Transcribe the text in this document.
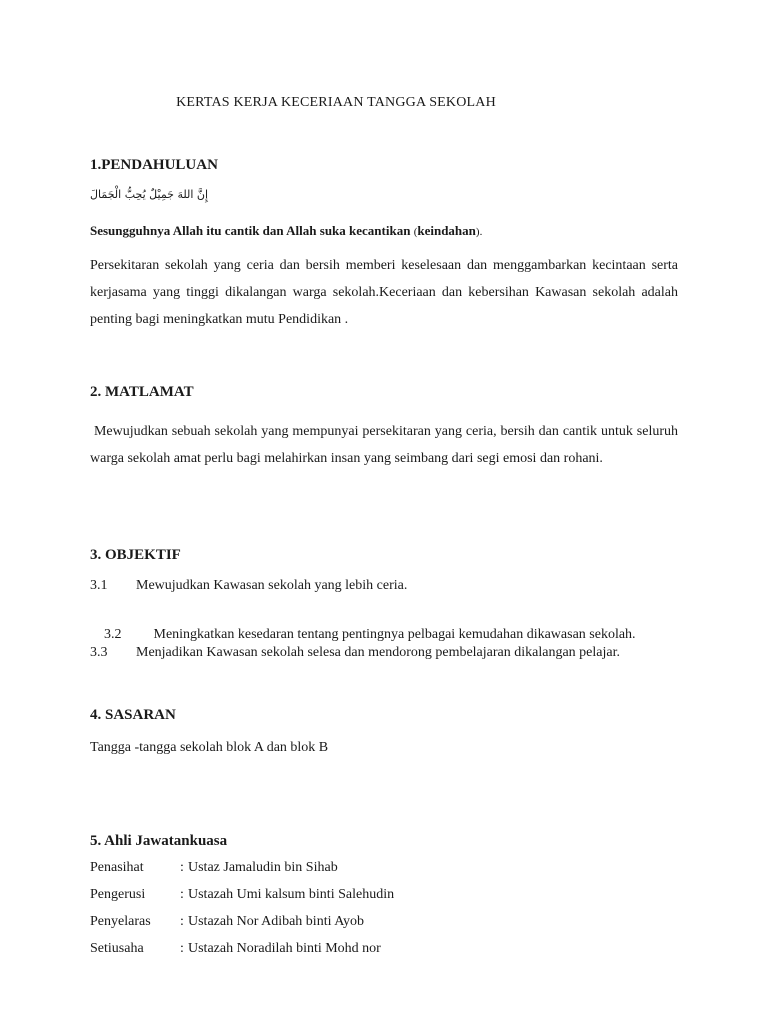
KERTAS KERJA KECERIAAN TANGGA SEKOLAH
1.PENDAHULUAN
إِنَّ اللهَ جَمِيْلٌ يُحِبُّ الْجَمَالَ
Sesungguhnya Allah itu cantik dan Allah suka kecantikan (keindahan).
Persekitaran sekolah yang ceria dan bersih memberi keselesaan dan menggambarkan kecintaan serta kerjasama yang tinggi dikalangan warga sekolah.Keceriaan dan kebersihan Kawasan sekolah adalah penting bagi meningkatkan mutu Pendidikan .
2. MATLAMAT
Mewujudkan sebuah sekolah yang mempunyai persekitaran yang ceria, bersih dan cantik untuk seluruh warga sekolah amat perlu bagi melahirkan insan yang seimbang dari segi emosi dan rohani.
3. OBJEKTIF
3.1 Mewujudkan Kawasan sekolah yang lebih ceria.

3.2 Meningkatkan kesedaran tentang pentingnya pelbagai kemudahan dikawasan sekolah.

3.3 Menjadikan Kawasan sekolah selesa dan mendorong pembelajaran dikalangan pelajar.
4. SASARAN
Tangga -tangga sekolah blok A dan blok B
5. Ahli Jawatankuasa
Penasihat	: Ustaz Jamaludin bin Sihab
Pengerusi : Ustazah Umi kalsum binti Salehudin
Penyelaras : Ustazah Nor Adibah binti Ayob
Setiusaha	: Ustazah Noradilah binti Mohd nor
